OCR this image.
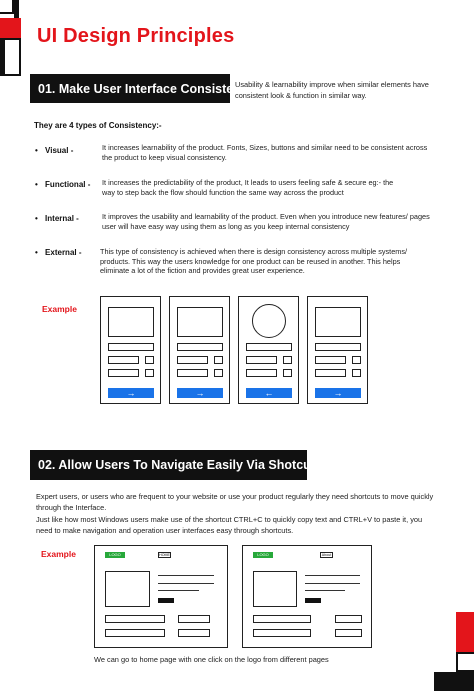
UI Design Principles
01. Make User Interface Consistent:
Usability & learnability improve when similar elements have consistent look & function in similar way.
They are 4 types of Consistency:-
• Visual -	It increases learnability of the product. Fonts, Sizes, buttons and similar need to be consistent across the product to keep visual consistency.
• Functional - It increases the predictability of the product, It leads to users feeling safe & secure eg:- the way to step back the flow should function the same way across the product
• Internal -	It improves the usability and learnability of the product. Even when you introduce new features/ pages user will have easy way using them as long as you keep internal consistency
• External -	This type of consistency is achieved when there is design consistency across multiple systems/ products. This way the users knowledge for one product can be reused in another. This helps eliminate a lot of the fiction and provides great user experience.
Example
→	→	←	→
02. Allow Users To Navigate Easily Via Shotcut:
Expert users, or users who are frequent to your website or use your product regularly they need shortcuts to move quickly through the Interface.
Just like how most Windows users make use of the shortcut CTRL+C to quickly copy text and CTRL+V to paste it, you need to make navigation and operation user interfaces easy through shortcuts.
Example	LOGO	HOME	LOGO	About
We can go to home page with one click on the logo from different pages
